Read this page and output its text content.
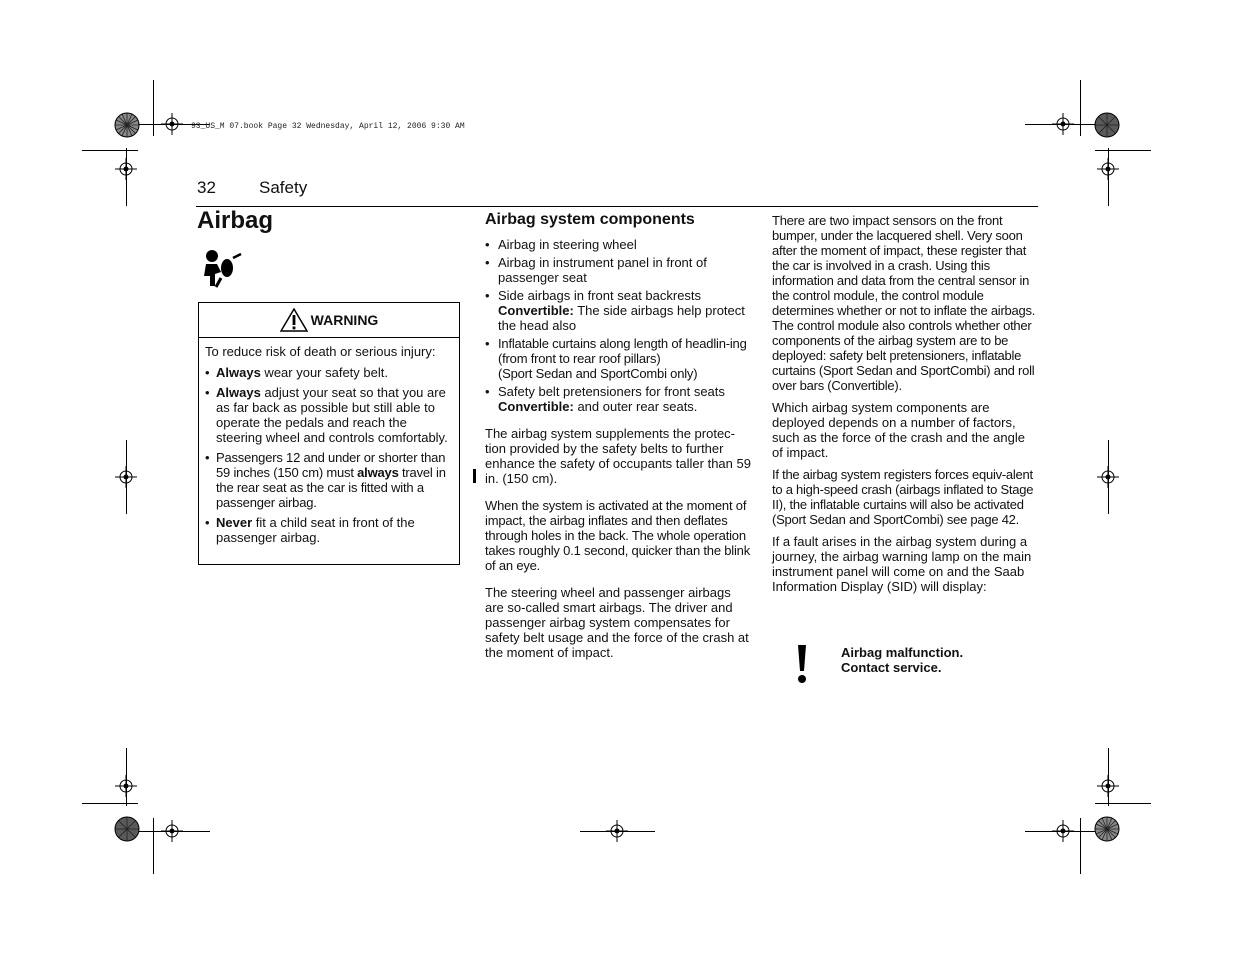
93_US_M 07.book Page 32 Wednesday, April 12, 2006 9:30 AM
32	Safety
Airbag
WARNING

To reduce risk of death or serious injury:

• Always wear your safety belt.
• Always adjust your seat so that you are as far back as possible but still able to operate the pedals and reach the steering wheel and controls comfortably.
• Passengers 12 and under or shorter than 59 inches (150 cm) must always travel in the rear seat as the car is fitted with a passenger airbag.
• Never fit a child seat in front of the passenger airbag.
Airbag system components
• Airbag in steering wheel
• Airbag in instrument panel in front of passenger seat
• Side airbags in front seat backrests
Convertible: The side airbags help protect the head also
• Inflatable curtains along length of headlin-ing (from front to rear roof pillars)
(Sport Sedan and SportCombi only)
• Safety belt pretensioners for front seats
Convertible: and outer rear seats.

The airbag system supplements the protec-tion provided by the safety belts to further enhance the safety of occupants taller than 59 in. (150 cm).

When the system is activated at the moment of impact, the airbag inflates and then deflates through holes in the back. The whole operation takes roughly 0.1 second, quicker than the blink of an eye.

The steering wheel and passenger airbags are so-called smart airbags. The driver and passenger airbag system compensates for safety belt usage and the force of the crash at the moment of impact.

There are two impact sensors on the front bumper, under the lacquered shell. Very soon after the moment of impact, these register that the car is involved in a crash. Using this information and data from the central sensor in the control module, the control module determines whether or not to inflate the airbags. The control module also controls whether other components of the airbag system are to be deployed: safety belt pretensioners, inflatable curtains (Sport Sedan and SportCombi) and roll over bars (Convertible).

Which airbag system components are deployed depends on a number of factors, such as the force of the crash and the angle of impact.

If the airbag system registers forces equiv-alent to a high-speed crash (airbags inflated to Stage II), the inflatable curtains will also be activated (Sport Sedan and SportCombi) see page 42.

If a fault arises in the airbag system during a journey, the airbag warning lamp on the main instrument panel will come on and the Saab Information Display (SID) will display:

Airbag malfunction.
Contact service.
